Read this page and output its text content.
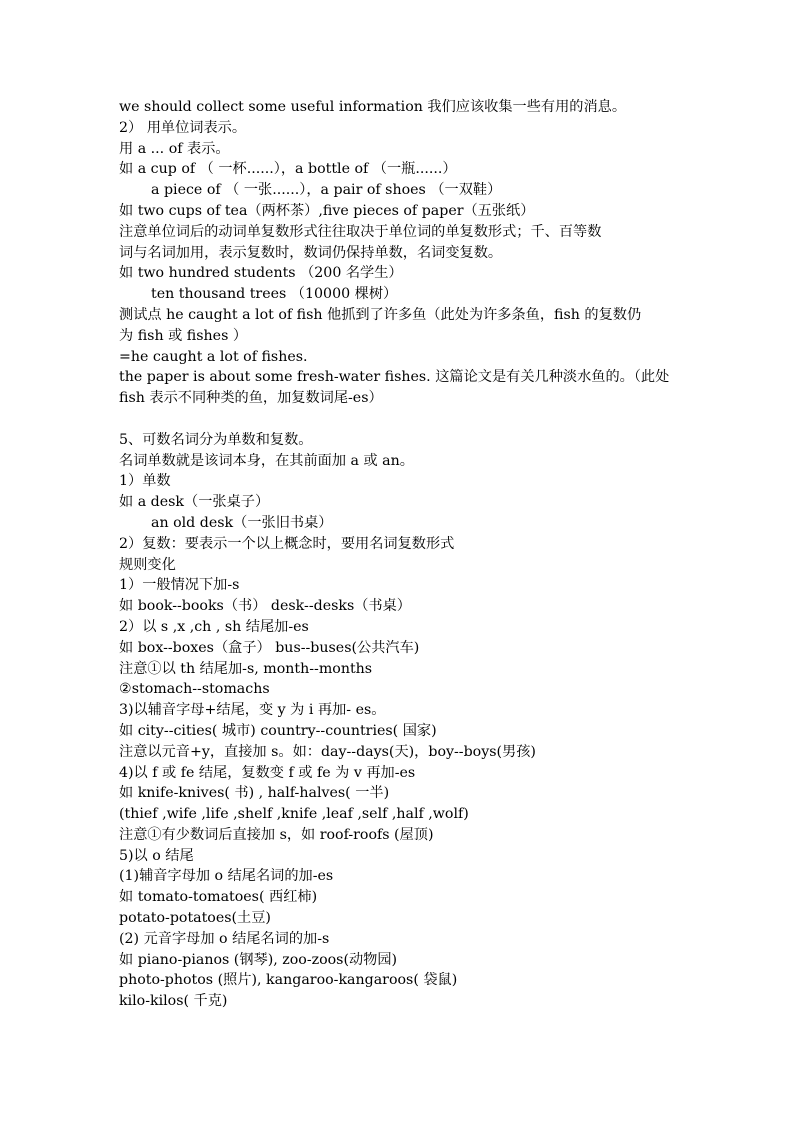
we should collect some useful information 我们应该收集一些有用的消息。
2） 用单位词表示。
用 a ... of 表示。
如 a cup of （ 一杯......），a bottle of （一瓶......）
a piece of （ 一张......），a pair of shoes （一双鞋）
如 two cups of tea（两杯茶）,five pieces of paper（五张纸）
注意单位词后的动词单复数形式往往取决于单位词的单复数形式；千、百等数
词与名词加用，表示复数时，数词仍保持单数，名词变复数。
如 two hundred students （200 名学生）
ten thousand trees （10000 棵树）
测试点 he caught a lot of fish 他抓到了许多鱼（此处为许多条鱼，fish 的复数仍
为 fish 或 fishes ）
=he caught a lot of fishes.
the paper is about some fresh-water fishes. 这篇论文是有关几种淡水鱼的。（此处
fish 表示不同种类的鱼，加复数词尾-es）
5、可数名词分为单数和复数。
名词单数就是该词本身，在其前面加 a 或 an。
1）单数
如 a desk（一张桌子）
an old desk（一张旧书桌）
2）复数：要表示一个以上概念时，要用名词复数形式
规则变化
1）一般情况下加-s
如 book--books（书） desk--desks（书桌）
2）以 s ,x ,ch , sh 结尾加-es
如 box--boxes（盒子） bus--buses(公共汽车)
注意①以 th 结尾加-s, month--months
②stomach--stomachs
3)以辅音字母+结尾，变 y 为 i 再加- es。
如 city--cities( 城市) country--countries( 国家)
注意以元音+y，直接加 s。如：day--days(天)，boy--boys(男孩)
4)以 f 或 fe 结尾，复数变 f 或 fe 为 v 再加-es
如 knife-knives( 书) , half-halves( 一半)
(thief ,wife ,life ,shelf ,knife ,leaf ,self ,half ,wolf)
注意①有少数词后直接加 s，如 roof-roofs (屋顶)
5)以 o 结尾
(1)辅音字母加 o 结尾名词的加-es
如 tomato-tomatoes( 西红柿)
potato-potatoes(土豆)
(2) 元音字母加 o 结尾名词的加-s
如 piano-pianos (钢琴), zoo-zoos(动物园)
photo-photos (照片), kangaroo-kangaroos( 袋鼠)
kilo-kilos( 千克)
